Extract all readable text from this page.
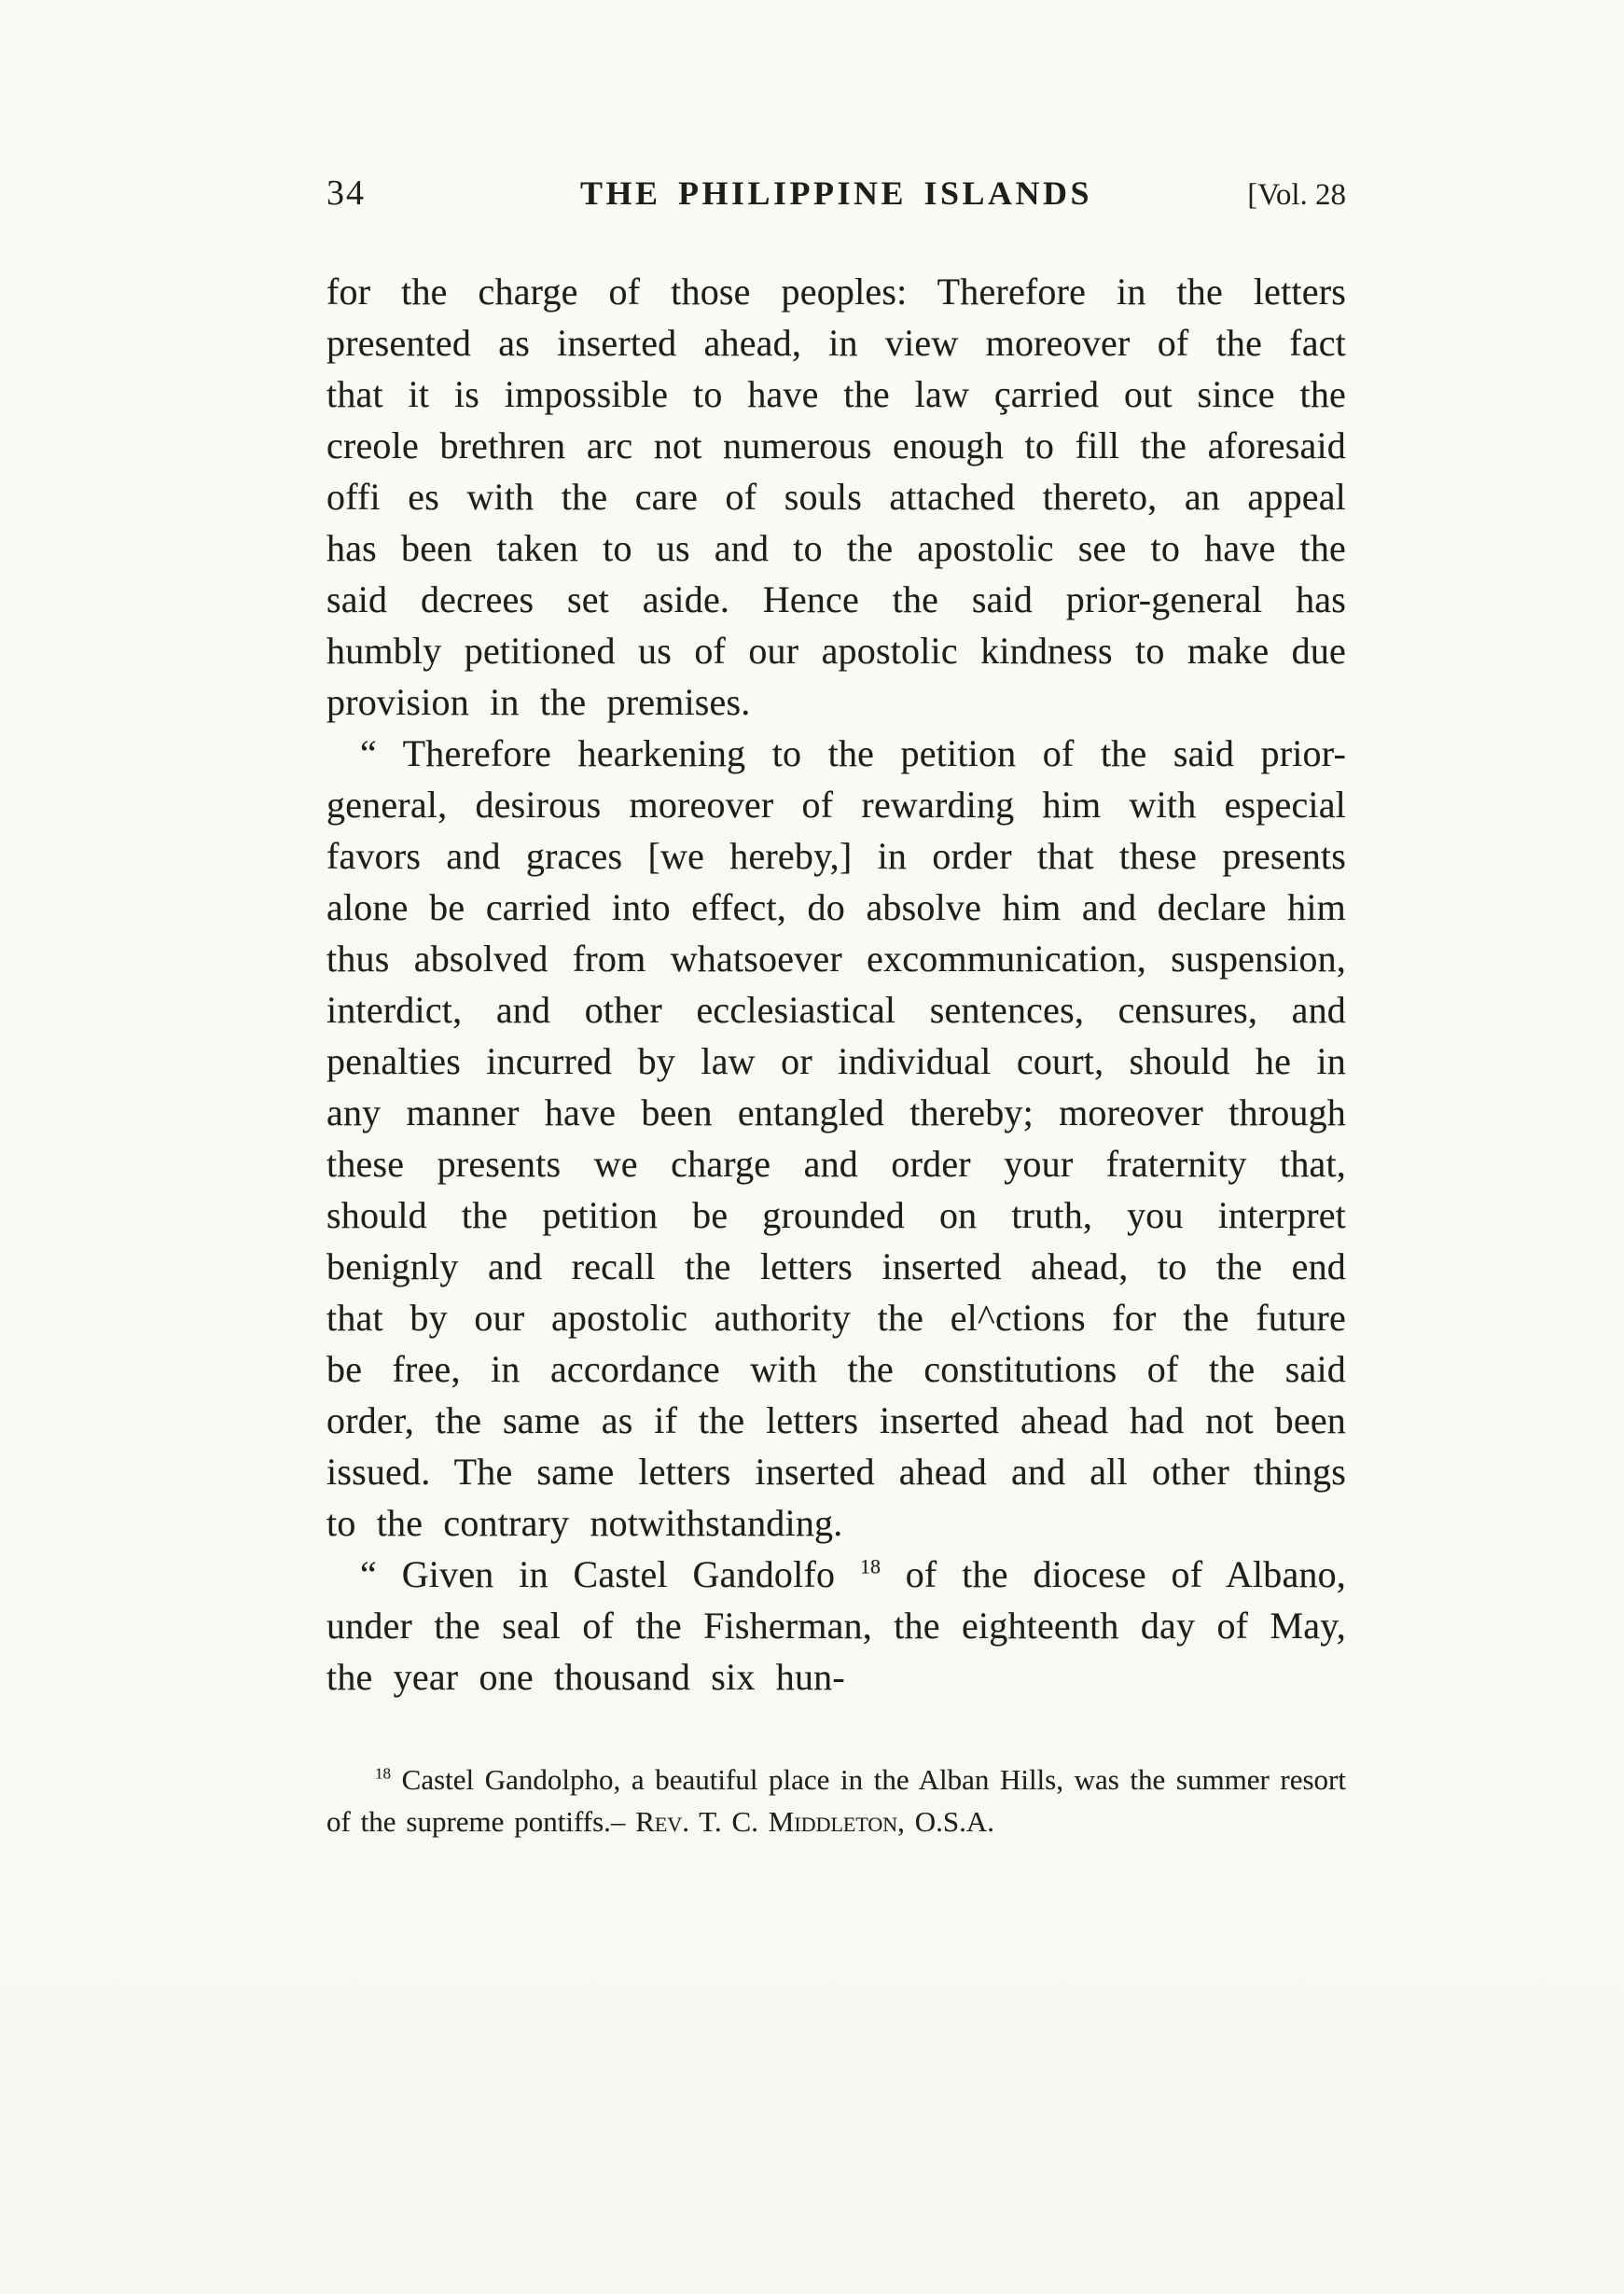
34	THE PHILIPPINE ISLANDS	[Vol. 28

for the charge of those peoples: Therefore in the letters presented as inserted ahead, in view moreover of the fact that it is impossible to have the law çarried out since the creole brethren arc not numerous enough to fill the aforesaid offi es with the care of souls attached thereto, an appeal has been taken to us and to the apostolic see to have the said decrees set aside. Hence the said prior-general has humbly petitioned us of our apostolic kindness to make due provision in the premises.

“ Therefore hearkening to the petition of the said prior-general, desirous moreover of rewarding him with especial favors and graces [we hereby,] in order that these presents alone be carried into effect, do absolve him and declare him thus absolved from whatsoever excommunication, suspension, interdict, and other ecclesiastical sentences, censures, and penalties incurred by law or individual court, should he in any manner have been entangled thereby; moreover through these presents we charge and order your fraternity that, should the petition be grounded on truth, you interpret benignly and recall the letters inserted ahead, to the end that by our apostolic authority the el^ctions for the future be free, in accordance with the constitutions of the said order, the same as if the letters inserted ahead had not been issued. The same letters inserted ahead and all other things to the contrary notwithstanding.

“ Given in Castel Gandolfo $^{18}$ of the diocese of Albano, under the seal of the Fisherman, the eighteenth day of May, the year one thousand six hun-

$^{18}$ Castel Gandolpho, a beautiful place in the Alban Hills, was the summer resort of the supreme pontiffs.– Rev. T. C. Middleton, O.S.A.
